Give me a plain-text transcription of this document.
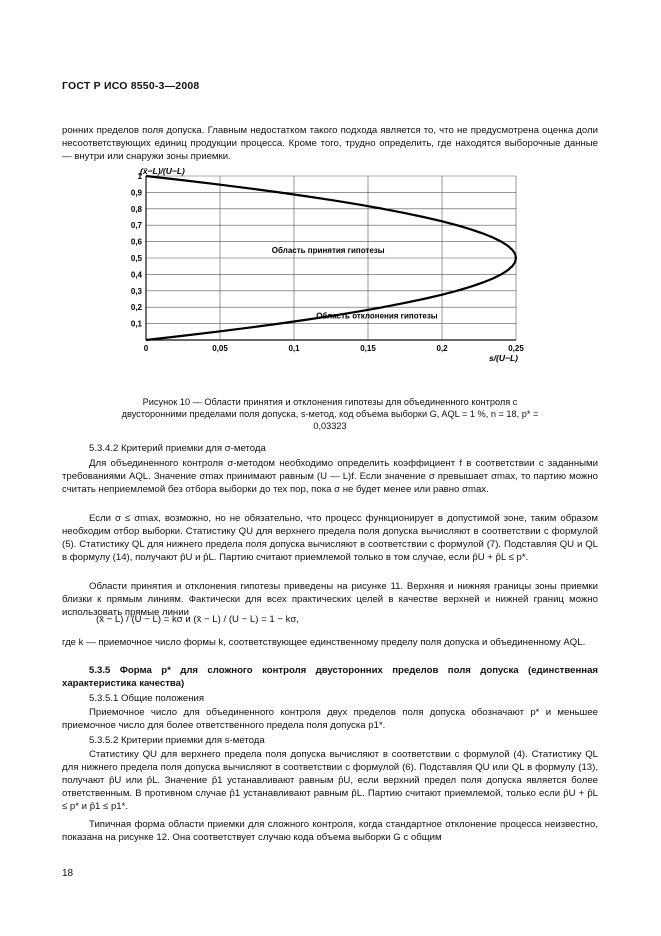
ГОСТ Р ИСО 8550-3—2008

ронних пределов поля допуска. Главным недостатком такого подхода является то, что не предусмотрена оценка доли несоответствующих единиц продукции процесса. Кроме того, трудно определить, где находятся выборочные данные — внутри или снаружи зоны приемки.

0,1
0,2
0,3
0,4
0,5
0,6
0,7
0,8
0,9
1
0	0,05	0,1	0,15	0,2	0,25
(x̄−L)/(U−L)
s/(U−L)
Область принятия гипотезы
Область отклонения гипотезы
Рисунок 10 — Области принятия и отклонения гипотезы для объединенного контроля с двусторонними пределами поля допуска, s-метод, код объема выборки G, AQL = 1 %, n = 18, p* = 0,03323

5.3.4.2 Критерий приемки для σ-метода

Для объединенного контроля σ-методом необходимо определить коэффициент f в соответствии с заданными требованиями AQL. Значение σmax принимают равным (U — L)f. Если значение σ превышает σmax, то партию можно считать неприемлемой без отбора выборки до тех пор, пока σ не будет менее или равно σmax.

Если σ ≤ σmax, возможно, но не обязательно, что процесс функционирует в допустимой зоне, таким образом необходим отбор выборки. Статистику QU для верхнего предела поля допуска вычисляют в соответствии с формулой (5). Статистику QL для нижнего предела поля допуска вычисляют в соответствии с формулой (7). Подставляя QU и QL в формулу (14), получают p̂U и p̂L. Партию считают приемлемой только в том случае, если p̂U + p̂L ≤ p*.

Области принятия и отклонения гипотезы приведены на рисунке 11. Верхняя и нижняя границы зоны приемки близки к прямым линиям. Фактически для всех практических целей в качестве верхней и нижней границ можно использовать прямые линии

(x̄ − L) / (U − L) = kσ и (x̄ − L) / (U − L) = 1 − kσ,

где k — приемочное число формы k, соответствующее единственному пределу поля допуска и объединенному AQL.

5.3.5 Форма p* для сложного контроля двусторонних пределов поля допуска (единственная характеристика качества)

5.3.5.1 Общие положения

Приемочное число для объединенного контроля двух пределов поля допуска обозначают p* и меньшее приемочное число для более ответственного предела поля допуска p1*.

5.3.5.2 Критерии приемки для s-метода

Статистику QU для верхнего предела поля допуска вычисляют в соответствии с формулой (4). Статистику QL для нижнего предела поля допуска вычисляют в соответствии с формулой (6). Подставляя QU или QL в формулу (13), получают p̂U или p̂L. Значение p̂1 устанавливают равным p̂U, если верхний предел поля допуска является более ответственным. В противном случае p̂1 устанавливают равным p̂L. Партию считают приемлемой, только если p̂U + p̂L ≤ p* и p̂1 ≤ p1*.

Типичная форма области приемки для сложного контроля, когда стандартное отклонение процесса неизвестно, показана на рисунке 12. Она соответствует случаю кода объема выборки G с общим

18
